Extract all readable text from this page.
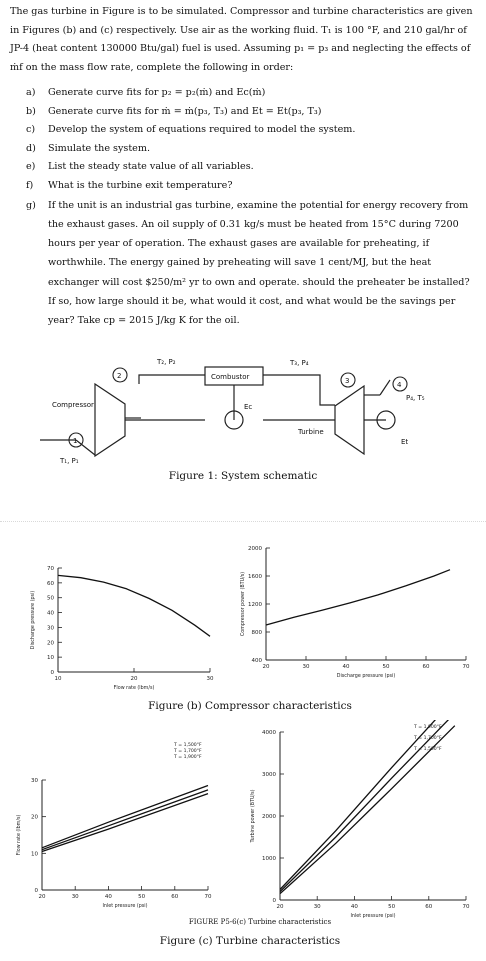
The gas turbine in Figure is to be simulated. Compressor and turbine characteristics are given in Figures (b) and (c) respectively. Use air as the working fluid. T₁ is 100 °F, and 210 gal/hr of JP-4 (heat content 130000 Btu/gal) fuel is used. Assuming p₁ = p₃ and neglecting the effects of ṁf on the mass flow rate, complete the following in order:

a) Generate curve fits for p₂ = p₂(ṁ) and Ec(ṁ)
b) Generate curve fits for ṁ = ṁ(p₃, T₃) and Et = Et(p₃, T₃)
c) Develop the system of equations required to model the system.
d) Simulate the system.
e) List the steady state value of all variables.
f) What is the turbine exit temperature?
g) If the unit is an industrial gas turbine, examine the potential for energy recovery from the exhaust gases. An oil supply of 0.31 kg/s must be heated from 15°C during 7200 hours per year of operation. The exhaust gases are available for preheating, if worthwhile. The energy gained by preheating will save 1 cent/MJ, but the heat exchanger will cost $250/m² yr to own and operate. should the preheater be installed? If so, how large should it be, what would it cost, and what would be the savings per year? Take cp = 2015 J/kg K for the oil.
1
2
3	4
Combustor
Compressor
Turbine
T₂, P₂	T₃, P₄
P₄, T₅
T₁, P₁
Ec
Et
Figure 1: System schematic
0
10
20
30
40
50
60
70
10	20	30
Flow rate (lbm/s)
Discharge pressure (psi)
400
800
1200
1600
2000
20	30	40	50	60	70
Discharge pressure (psi)
Compressor power (BTU/s)
Figure (b) Compressor characteristics
0
10
20
30
20	30	40	50	60	70
Inlet pressure (psi)
Flow rate (lbm/s)
T = 1,500°F
T = 1,700°F
T = 1,900°F
0
1000
2000
3000
4000
20	30	40	50	60	70
Inlet pressure (psi)
Turbine power (BTU/s)
T = 1,900°F
T = 1,700°F
T = 1,500°F
FIGURE P5-6(c) Turbine characteristics
Figure (c) Turbine characteristics
